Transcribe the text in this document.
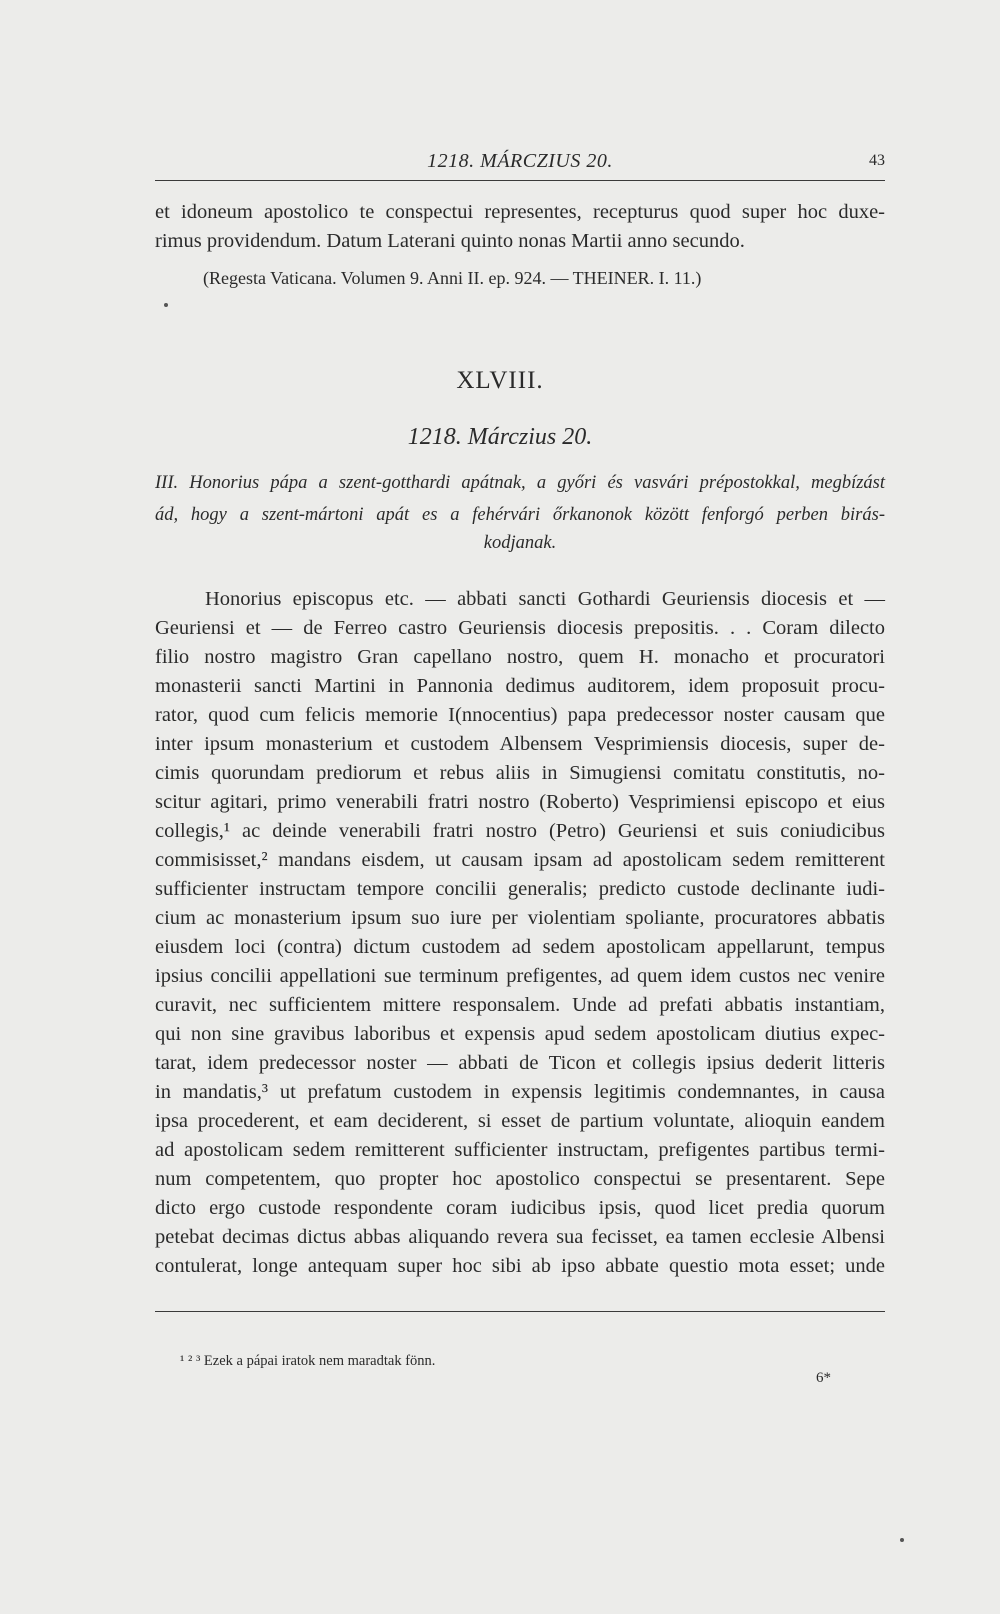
1218. MÁRCZIUS 20.	43
et idoneum apostolico te conspectui representes, recepturus quod super hoc duxe-
rimus providendum. Datum Laterani quinto nonas Martii anno secundo.
(Regesta Vaticana. Volumen 9. Anni II. ep. 924. — THEINER. I. 11.)
XLVIII.
1218. Márczius 20.
III. Honorius pápa a szent-gotthardi apátnak, a győri és vasvári prépostokkal, megbízást
ád, hogy a szent-mártoni apát es a fehérvári őrkanonok között fenforgó perben birás-
kodjanak.
Honorius episcopus etc. — abbati sancti Gothardi Geuriensis diocesis et —
Geuriensi et — de Ferreo castro Geuriensis diocesis prepositis. . . Coram dilecto
filio nostro magistro Gran capellano nostro, quem H. monacho et procuratori
monasterii sancti Martini in Pannonia dedimus auditorem, idem proposuit procu-
rator, quod cum felicis memorie I(nnocentius) papa predecessor noster causam que
inter ipsum monasterium et custodem Albensem Vesprimiensis diocesis, super de-
cimis quorundam prediorum et rebus aliis in Simugiensi comitatu constitutis, no-
scitur agitari, primo venerabili fratri nostro (Roberto) Vesprimiensi episcopo et eius
collegis,¹ ac deinde venerabili fratri nostro (Petro) Geuriensi et suis coniudicibus
commisisset,² mandans eisdem, ut causam ipsam ad apostolicam sedem remitterent
sufficienter instructam tempore concilii generalis; predicto custode declinante iudi-
cium ac monasterium ipsum suo iure per violentiam spoliante, procuratores abbatis
eiusdem loci (contra) dictum custodem ad sedem apostolicam appellarunt, tempus
ipsius concilii appellationi sue terminum prefigentes, ad quem idem custos nec venire
curavit, nec sufficientem mittere responsalem. Unde ad prefati abbatis instantiam,
qui non sine gravibus laboribus et expensis apud sedem apostolicam diutius expec-
tarat, idem predecessor noster — abbati de Ticon et collegis ipsius dederit litteris
in mandatis,³ ut prefatum custodem in expensis legitimis condemnantes, in causa
ipsa procederent, et eam deciderent, si esset de partium voluntate, alioquin eandem
ad apostolicam sedem remitterent sufficienter instructam, prefigentes partibus termi-
num competentem, quo propter hoc apostolico conspectui se presentarent. Sepe
dicto ergo custode respondente coram iudicibus ipsis, quod licet predia quorum
petebat decimas dictus abbas aliquando revera sua fecisset, ea tamen ecclesie Albensi
contulerat, longe antequam super hoc sibi ab ipso abbate questio mota esset; unde
¹ ² ³ Ezek a pápai iratok nem maradtak fönn.
6*
